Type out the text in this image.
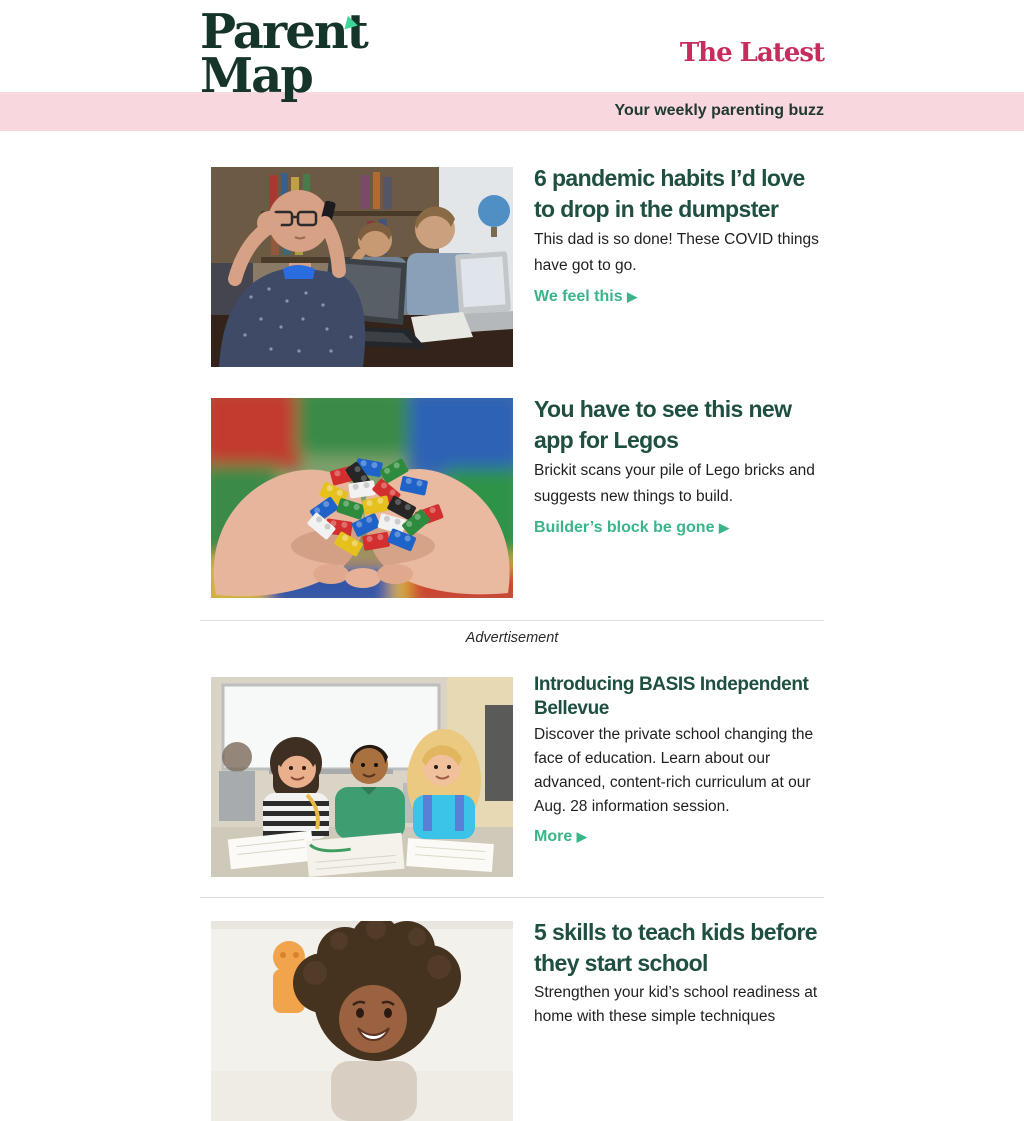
Parent
Map	The Latest
Your weekly parenting buzz
6 pandemic habits I’d love to drop in the dumpster

This dad is so done! These COVID things have got to go.

We feel this ▶
You have to see this new app for Legos

Brickit scans your pile of Lego bricks and suggests new things to build.

Builder’s block be gone ▶
Advertisement
Introducing BASIS Independent Bellevue

Discover the private school changing the face of education. Learn about our advanced, content-rich curriculum at our Aug. 28 information session.

More ▶
5 skills to teach kids before they start school

Strengthen your kid’s school readiness at home with these simple techniques
